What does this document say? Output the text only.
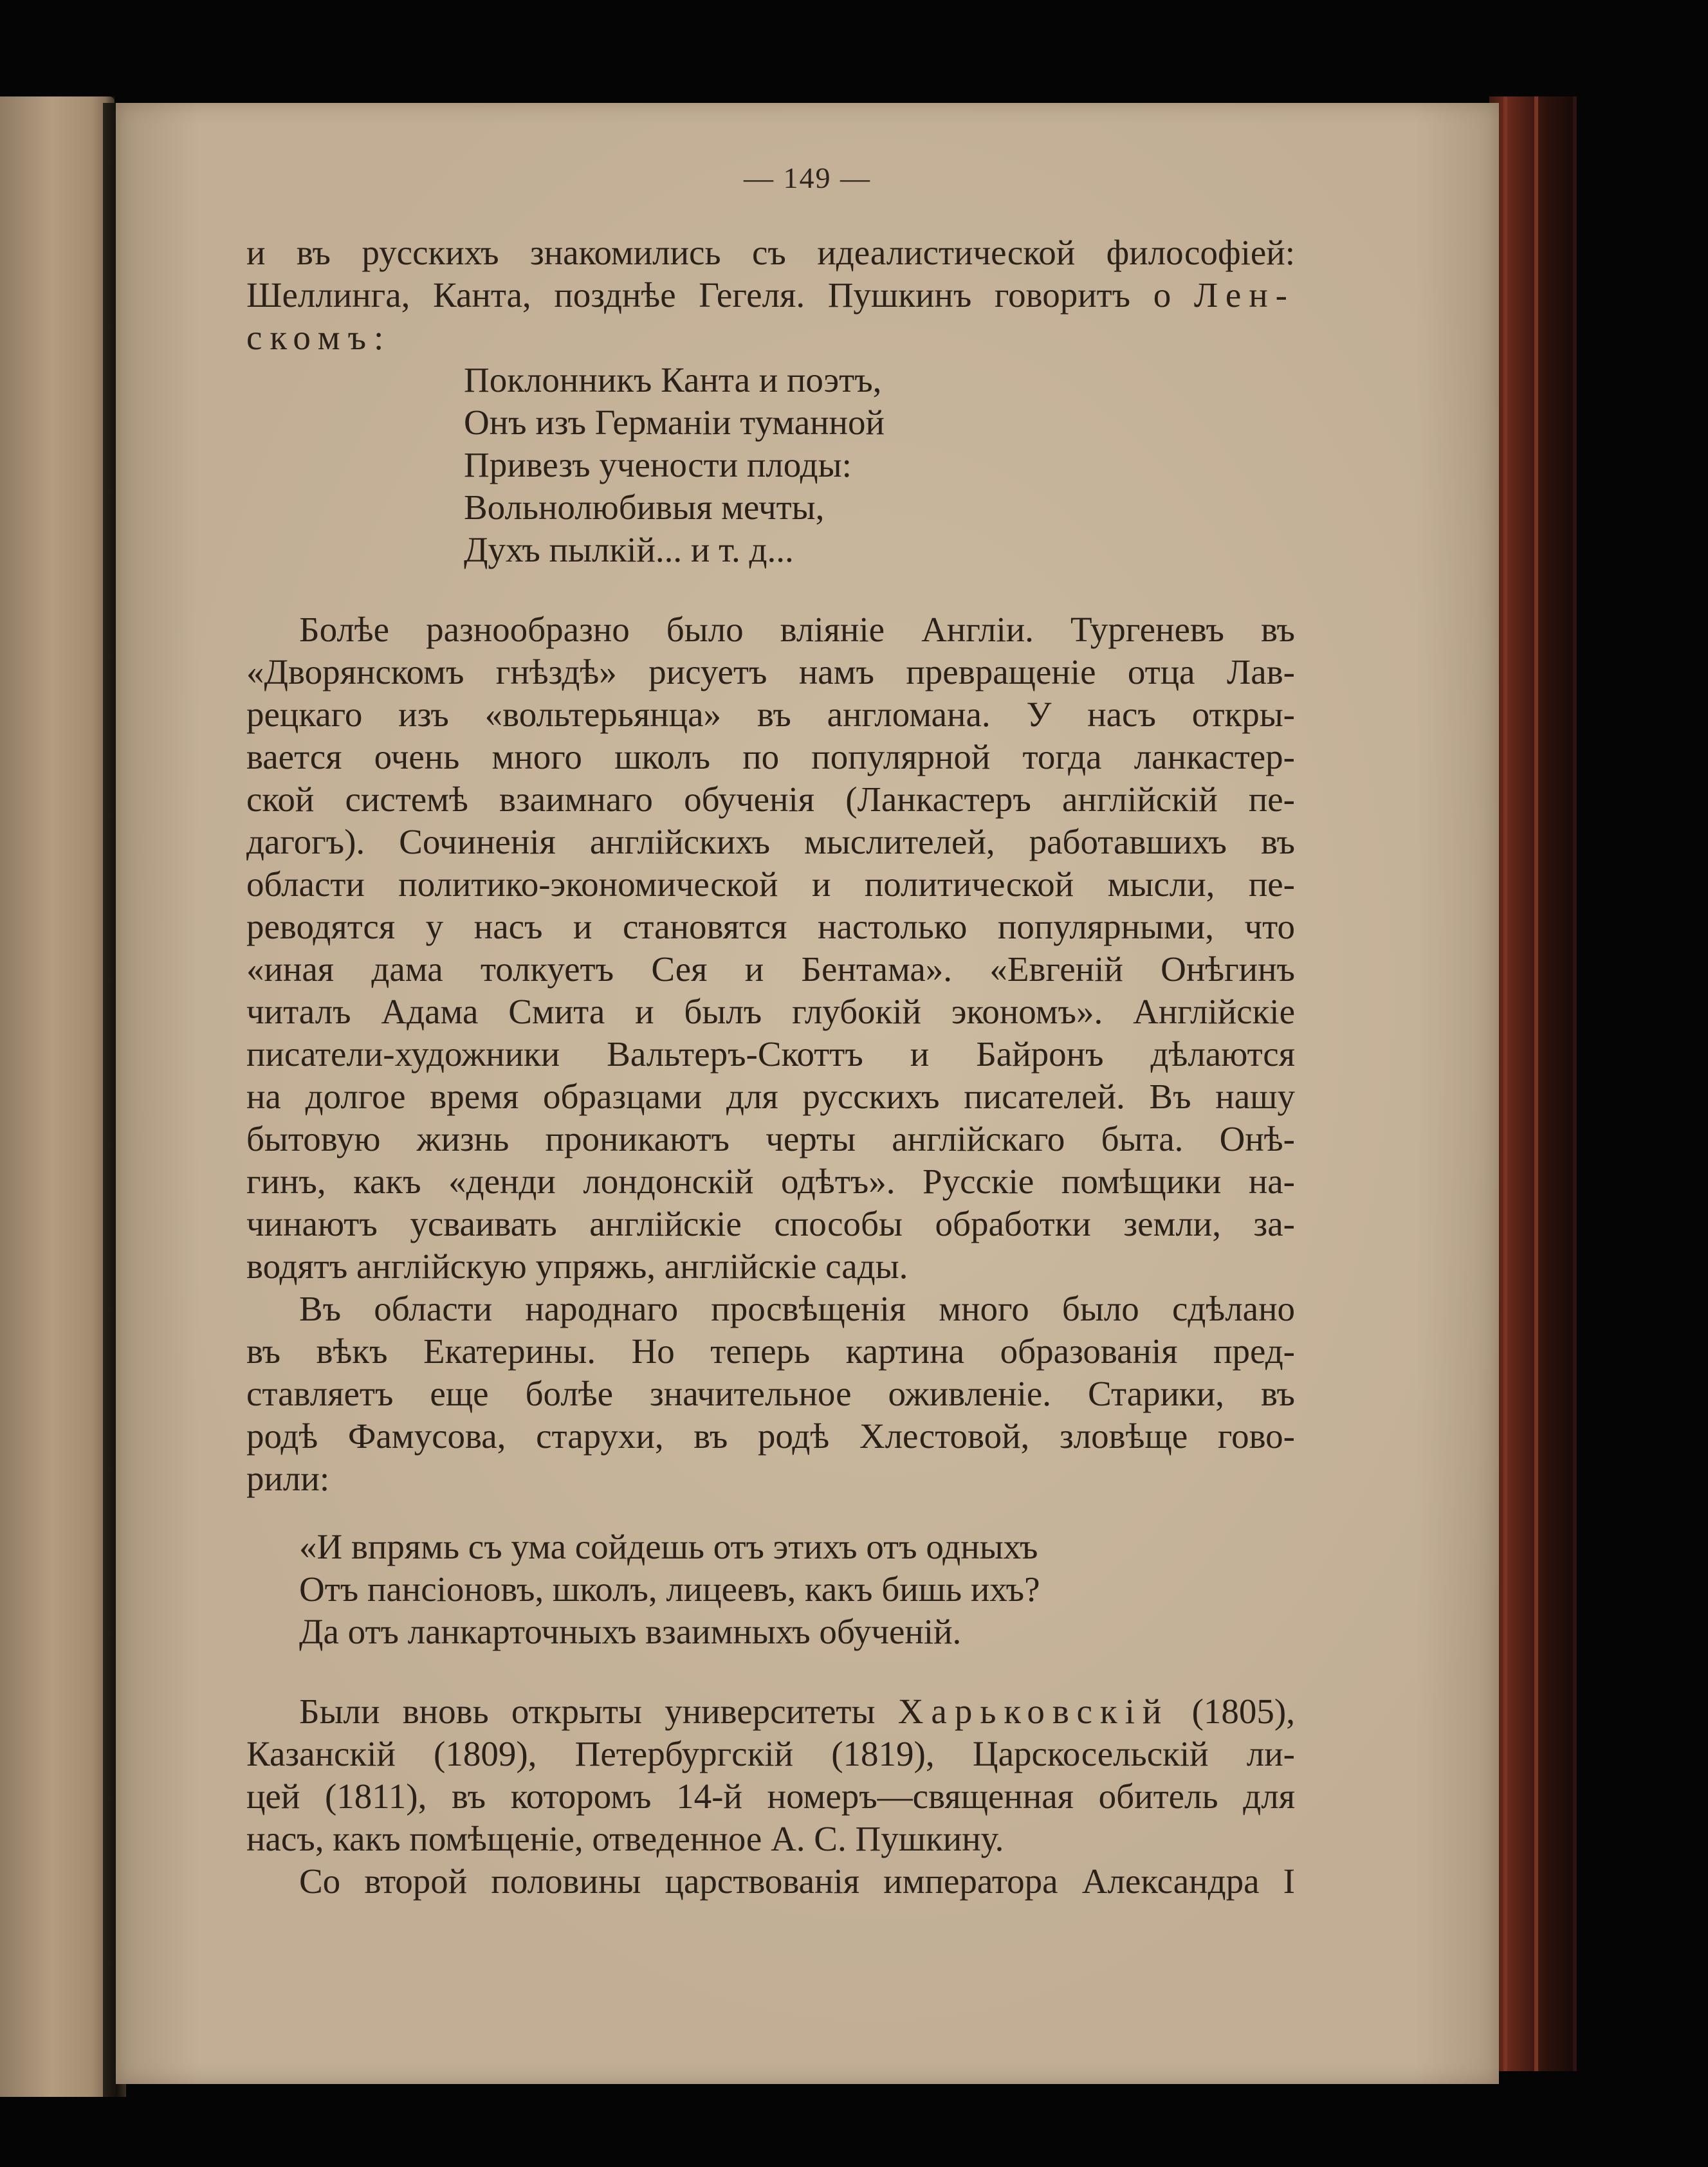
— 149 —
и въ русскихъ знакомились съ идеалистической философіей:
Шеллинга, Канта, позднѣе Гегеля. Пушкинъ говоритъ о Лен-
скомъ:
Поклонникъ Канта и поэтъ,
Онъ изъ Германіи туманной
Привезъ учености плоды:
Вольнолюбивыя мечты,
Духъ пылкій... и т. д...
Болѣе разнообразно было вліяніе Англіи. Тургеневъ въ
«Дворянскомъ гнѣздѣ» рисуетъ намъ превращеніе отца Лав-
рецкаго изъ «вольтерьянца» въ англомана. У насъ откры-
вается очень много школъ по популярной тогда ланкастер-
ской системѣ взаимнаго обученія (Ланкастеръ англійскій пе-
дагогъ). Сочиненія англійскихъ мыслителей, работавшихъ въ
области политико-экономической и политической мысли, пе-
реводятся у насъ и становятся настолько популярными, что
«иная дама толкуетъ Сея и Бентама». «Евгеній Онѣгинъ
читалъ Адама Смита и былъ глубокій экономъ». Англійскіе
писатели-художники Вальтеръ-Скоттъ и Байронъ дѣлаются
на долгое время образцами для русскихъ писателей. Въ нашу
бытовую жизнь проникаютъ черты англійскаго быта. Онѣ-
гинъ, какъ «денди лондонскій одѣтъ». Русскіе помѣщики на-
чинаютъ усваивать англійскіе способы обработки земли, за-
водятъ англійскую упряжь, англійскіе сады.
Въ области народнаго просвѣщенія много было сдѣлано
въ вѣкъ Екатерины. Но теперь картина образованія пред-
ставляетъ еще болѣе значительное оживленіе. Старики, въ
родѣ Фамусова, старухи, въ родѣ Хлестовой, зловѣще гово-
рили:
«И впрямь съ ума сойдешь отъ этихъ отъ одныхъ
Отъ пансіоновъ, школъ, лицеевъ, какъ бишь ихъ?
Да отъ ланкарточныхъ взаимныхъ обученій.
Были вновь открыты университеты Харьковскій (1805),
Казанскій (1809), Петербургскій (1819), Царскосельскій ли-
цей (1811), въ которомъ 14-й номеръ—священная обитель для
насъ, какъ помѣщеніе, отведенное А. С. Пушкину.
Со второй половины царствованія императора Александра I
